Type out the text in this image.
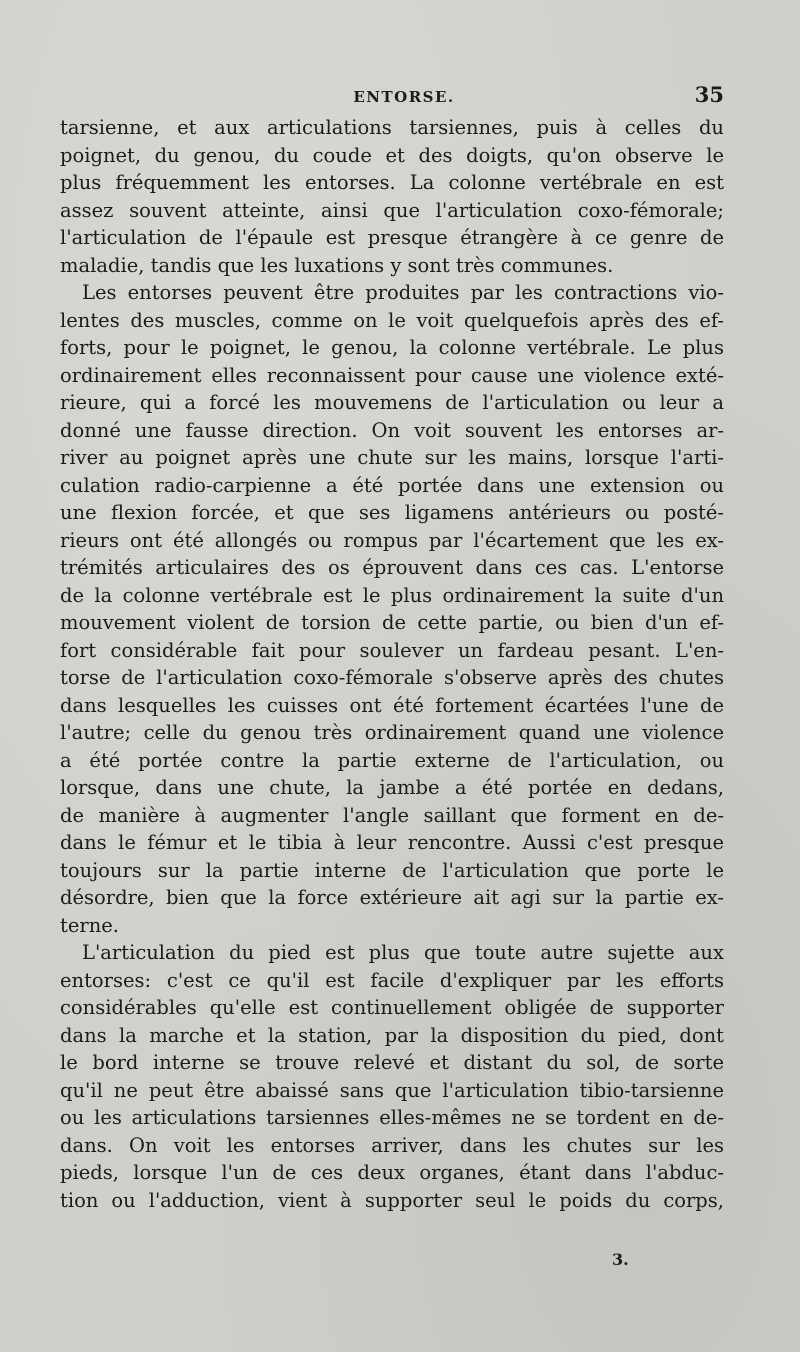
ENTORSE.	35
tarsienne, et aux articulations tarsiennes, puis à celles du
poignet, du genou, du coude et des doigts, qu'on observe le
plus fréquemment les entorses. La colonne vertébrale en est
assez souvent atteinte, ainsi que l'articulation coxo-fémorale;
l'articulation de l'épaule est presque étrangère à ce genre de
maladie, tandis que les luxations y sont très communes.
Les entorses peuvent être produites par les contractions vio-
lentes des muscles, comme on le voit quelquefois après des ef-
forts, pour le poignet, le genou, la colonne vertébrale. Le plus
ordinairement elles reconnaissent pour cause une violence exté-
rieure, qui a forcé les mouvemens de l'articulation ou leur a
donné une fausse direction. On voit souvent les entorses ar-
river au poignet après une chute sur les mains, lorsque l'arti-
culation radio-carpienne a été portée dans une extension ou
une flexion forcée, et que ses ligamens antérieurs ou posté-
rieurs ont été allongés ou rompus par l'écartement que les ex-
trémités articulaires des os éprouvent dans ces cas. L'entorse
de la colonne vertébrale est le plus ordinairement la suite d'un
mouvement violent de torsion de cette partie, ou bien d'un ef-
fort considérable fait pour soulever un fardeau pesant. L'en-
torse de l'articulation coxo-fémorale s'observe après des chutes
dans lesquelles les cuisses ont été fortement écartées l'une de
l'autre; celle du genou très ordinairement quand une violence
a été portée contre la partie externe de l'articulation, ou
lorsque, dans une chute, la jambe a été portée en dedans,
de manière à augmenter l'angle saillant que forment en de-
dans le fémur et le tibia à leur rencontre. Aussi c'est presque
toujours sur la partie interne de l'articulation que porte le
désordre, bien que la force extérieure ait agi sur la partie ex-
terne.
L'articulation du pied est plus que toute autre sujette aux
entorses: c'est ce qu'il est facile d'expliquer par les efforts
considérables qu'elle est continuellement obligée de supporter
dans la marche et la station, par la disposition du pied, dont
le bord interne se trouve relevé et distant du sol, de sorte
qu'il ne peut être abaissé sans que l'articulation tibio-tarsienne
ou les articulations tarsiennes elles-mêmes ne se tordent en de-
dans. On voit les entorses arriver, dans les chutes sur les
pieds, lorsque l'un de ces deux organes, étant dans l'abduc-
tion ou l'adduction, vient à supporter seul le poids du corps,
3.
